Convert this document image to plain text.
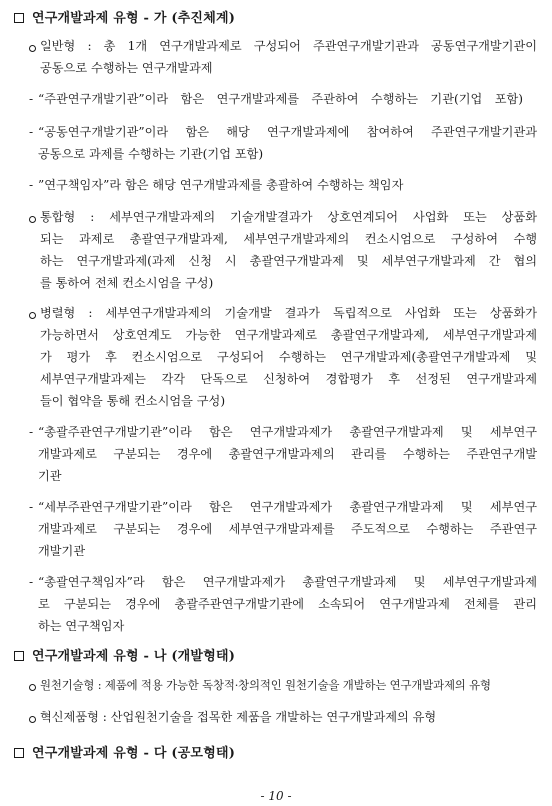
연구개발과제 유형 - 가 (추진체계)
일반형 : 총 1개 연구개발과제로 구성되어 주관연구개발기관과 공동연구개발기관이
공동으로 수행하는 연구개발과제
- “주관연구개발기관”이라 함은 연구개발과제를 주관하여 수행하는 기관(기업 포함)
- “공동연구개발기관”이라 함은 해당 연구개발과제에 참여하여 주관연구개발기관과
공동으로 과제를 수행하는 기관(기업 포함)
- ”연구책임자”라 함은 해당 연구개발과제를 총괄하여 수행하는 책임자
통합형 : 세부연구개발과제의 기술개발결과가 상호연계되어 사업화 또는 상품화
되는 과제로 총괄연구개발과제, 세부연구개발과제의 컨소시엄으로 구성하여 수행
하는 연구개발과제(과제 신청 시 총괄연구개발과제 및 세부연구개발과제 간 협의
를 통하여 전체 컨소시엄을 구성)
병렬형 : 세부연구개발과제의 기술개발 결과가 독립적으로 사업화 또는 상품화가
가능하면서 상호연계도 가능한 연구개발과제로 총괄연구개발과제, 세부연구개발과제
가 평가 후 컨소시엄으로 구성되어 수행하는 연구개발과제(총괄연구개발과제 및
세부연구개발과제는 각각 단독으로 신청하여 경합평가 후 선정된 연구개발과제
들이 협약을 통해 컨소시엄을 구성)
- “총괄주관연구개발기관”이라 함은 연구개발과제가 총괄연구개발과제 및 세부연구
개발과제로 구분되는 경우에 총괄연구개발과제의 관리를 수행하는 주관연구개발
기관
- “세부주관연구개발기관”이라 함은 연구개발과제가 총괄연구개발과제 및 세부연구
개발과제로 구분되는 경우에 세부연구개발과제를 주도적으로 수행하는 주관연구
개발기관
- “총괄연구책임자”라 함은 연구개발과제가 총괄연구개발과제 및 세부연구개발과제
로 구분되는 경우에 총괄주관연구개발기관에 소속되어 연구개발과제 전체를 관리
하는 연구책임자
연구개발과제 유형 - 나 (개발형태)
원천기술형 : 제품에 적용 가능한 독창적·창의적인 원천기술을 개발하는 연구개발과제의 유형
혁신제품형 : 산업원천기술을 접목한 제품을 개발하는 연구개발과제의 유형
연구개발과제 유형 - 다 (공모형태)
- 10 -
